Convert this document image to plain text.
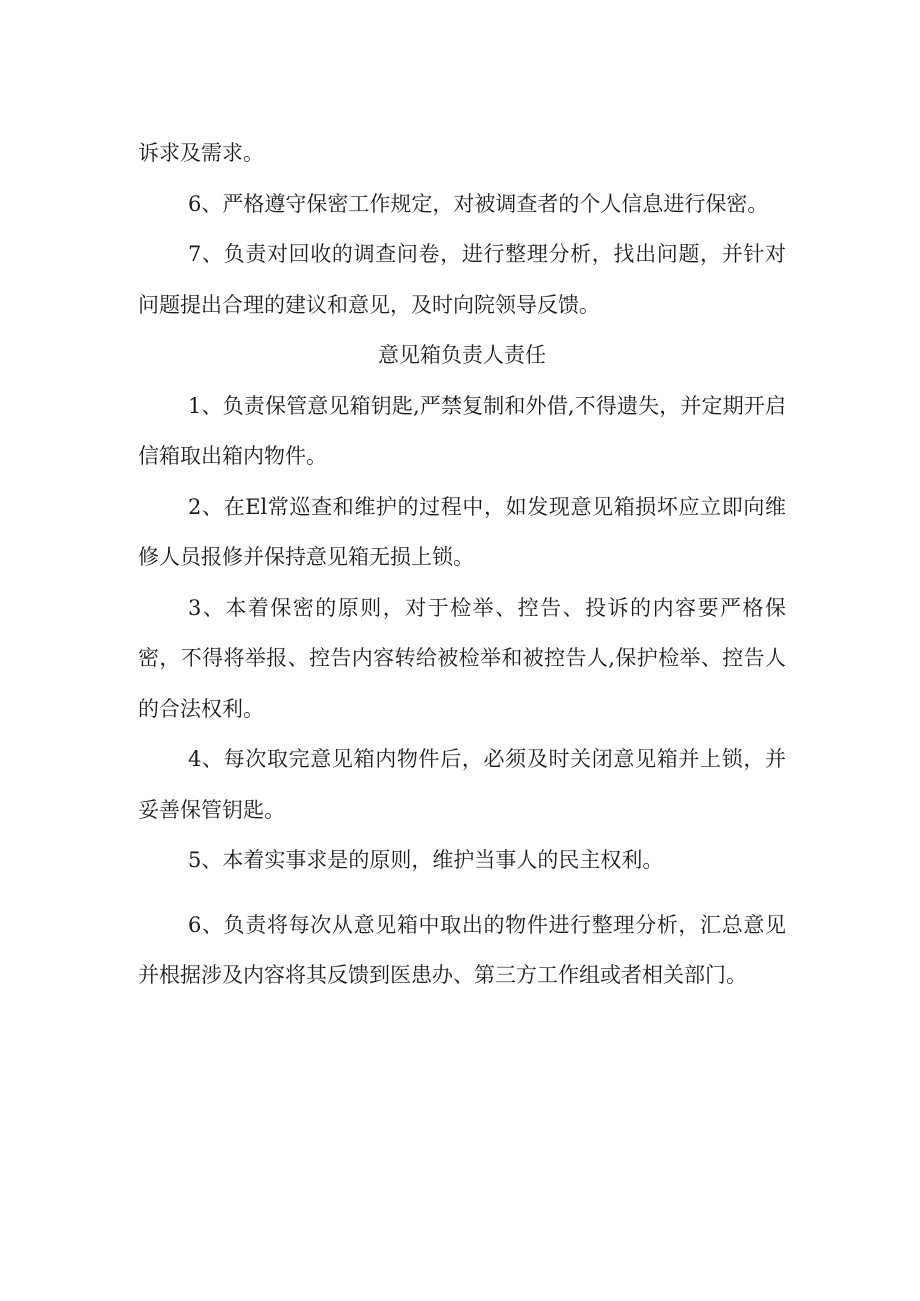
诉求及需求。

6、严格遵守保密工作规定，对被调查者的个人信息进行保密。

7、负责对回收的调查问卷，进行整理分析，找出问题，并针对问题提出合理的建议和意见，及时向院领导反馈。

意见箱负责人责任

1、负责保管意见箱钥匙,严禁复制和外借,不得遗失，并定期开启信箱取出箱内物件。

2、在El常巡查和维护的过程中，如发现意见箱损坏应立即向维修人员报修并保持意见箱无损上锁。

3、本着保密的原则，对于检举、控告、投诉的内容要严格保密，不得将举报、控告内容转给被检举和被控告人,保护检举、控告人的合法权利。

4、每次取完意见箱内物件后，必须及时关闭意见箱并上锁，并妥善保管钥匙。

5、本着实事求是的原则，维护当事人的民主权利。

6、负责将每次从意见箱中取出的物件进行整理分析，汇总意见并根据涉及内容将其反馈到医患办、第三方工作组或者相关部门。
